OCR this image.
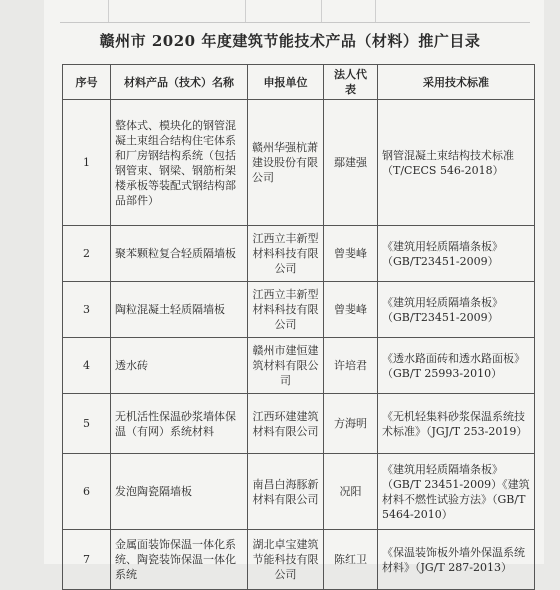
赣州市 2020 年度建筑节能技术产品（材料）推广目录
序号	材料产品（技术）名称	申报单位	法人代表	采用技术标准
1	整体式、模块化的钢管混凝土束组合结构住宅体系和厂房钢结构系统（包括钢管束、钢梁、钢筋桁架楼承板等装配式钢结构部品部件）	赣州华强杭萧建设股份有限公司	鄢建强	钢管混凝土束结构技术标准（T/CECS 546-2018）
2	聚苯颗粒复合轻质隔墙板	江西立丰新型材料科技有限公司	曾斐峰	《建筑用轻质隔墙条板》（GB/T23451-2009）
3	陶粒混凝土轻质隔墙板	江西立丰新型材料科技有限公司	曾斐峰	《建筑用轻质隔墙条板》（GB/T23451-2009）
4	透水砖	赣州市建恒建筑材料有限公司	许培君	《透水路面砖和透水路面板》（GB/T 25993-2010）
5	无机活性保温砂浆墙体保温（有网）系统材料	江西环建建筑材料有限公司	方海明	《无机轻集料砂浆保温系统技术标准》（JGJ/T 253-2019）
6	发泡陶瓷隔墙板	南昌白海豚新材料有限公司	况阳	《建筑用轻质隔墙条板》（GB/T 23451-2009）《建筑材料不燃性试验方法》（GB/T 5464-2010）
7	金属面装饰保温一体化系统、陶瓷装饰保温一体化系统	湖北卓宝建筑节能科技有限公司	陈红卫	《保温装饰板外墙外保温系统材料》（JG/T 287-2013）
